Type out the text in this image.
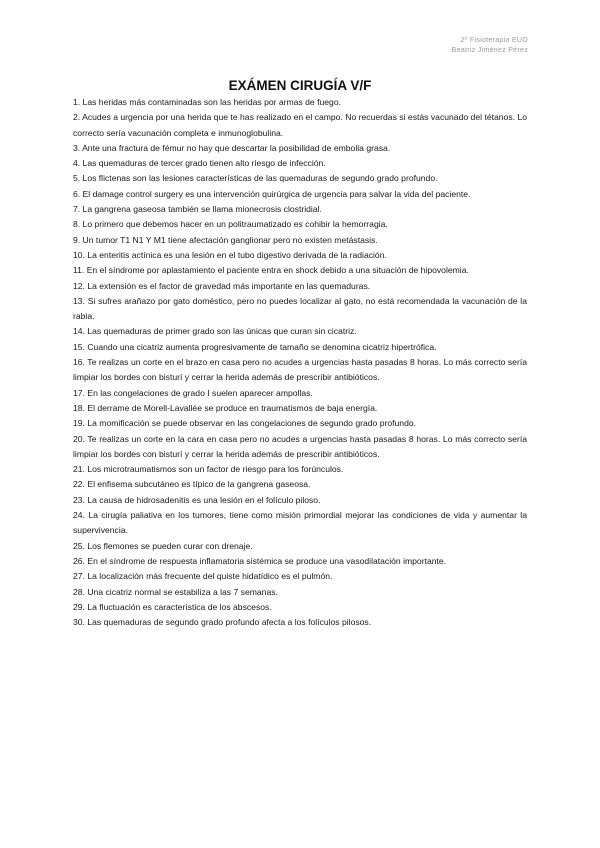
2º Fisioterapia EUO
Beatriz Jiménez Pérez
EXÁMEN CIRUGÍA V/F
1. Las heridas más contaminadas son las heridas por armas de fuego.
2. Acudes a urgencia por una herida que te has realizado en el campo. No recuerdas si estás vacunado del tétanos. Lo correcto sería vacunación completa e inmunoglobulina.
3. Ante una fractura de fémur no hay que descartar la posibilidad de embolia grasa.
4. Las quemaduras de tercer grado tienen alto riesgo de infección.
5. Los flictenas son las lesiones características de las quemaduras de segundo grado profundo.
6. El damage control surgery es una intervención quirúrgica de urgencia para salvar la vida del paciente.
7. La gangrena gaseosa también se llama mionecrosis clostridial.
8. Lo primero que debemos hacer en un politraumatizado es cohibir la hemorragia.
9. Un tumor T1 N1 Y M1 tiene afectación ganglionar pero no existen metástasis.
10. La enteritis actínica es una lesión en el tubo digestivo derivada de la radiación.
11. En el síndrome por aplastamiento el paciente entra en shock debido a una situación de hipovolemia.
12. La extensión es el factor de gravedad más importante en las quemaduras.
13. Si sufres arañazo por gato doméstico, pero no puedes localizar al gato, no está recomendada la vacunación de la rabia.
14. Las quemaduras de primer grado son las únicas que curan sin cicatriz.
15. Cuando una cicatriz aumenta progresivamente de tamaño se denomina cicatriz hipertrófica.
16. Te realizas un corte en el brazo en casa pero no acudes a urgencias hasta pasadas 8 horas. Lo más correcto sería limpiar los bordes con bisturí y cerrar la herida además de prescribir antibióticos.
17. En las congelaciones de grado I suelen aparecer ampollas.
18. El derrame de Morell-Lavallée se produce en traumatismos de baja energía.
19. La momificación se puede observar en las congelaciones de segundo grado profundo.
20. Te realizas un corte en la cara en casa pero no acudes a urgencias hasta pasadas 8 horas. Lo más correcto sería limpiar los bordes con bisturí y cerrar la herida además de prescribir antibióticos.
21. Los microtraumatismos son un factor de riesgo para los forúnculos.
22. El enfisema subcutáneo es típico de la gangrena gaseosa.
23. La causa de hidrosadenitis es una lesión en el folículo piloso.
24. La cirugía paliativa en los tumores, tiene como misión primordial mejorar las condiciones de vida y aumentar la supervivencia.
25. Los flemones se pueden curar con drenaje.
26. En el síndrome de respuesta inflamatoria sistémica se produce una vasodilatación importante.
27. La localización más frecuente del quiste hidatídico es el pulmón.
28. Una cicatriz normal se estabiliza a las 7 semanas.
29. La fluctuación es característica de los abscesos.
30. Las quemaduras de segundo grado profundo afecta a los folículos pilosos.
